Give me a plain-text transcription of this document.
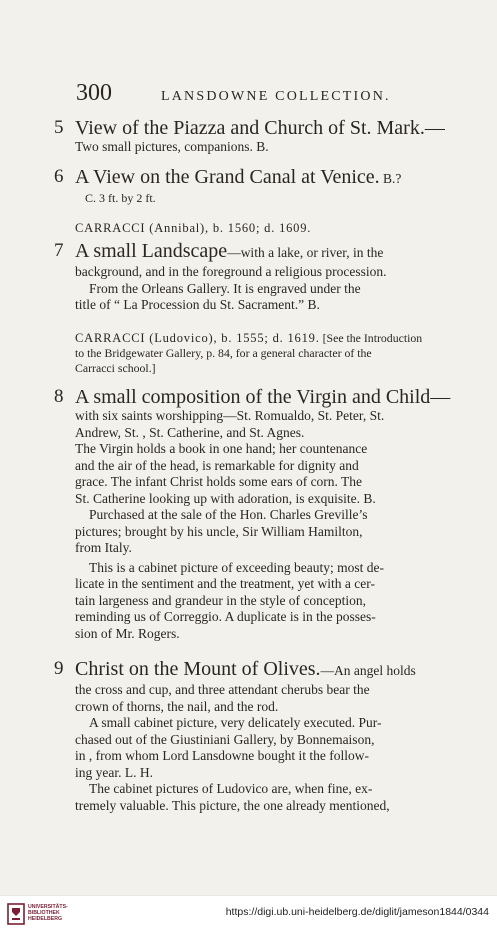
300	LANSDOWNE COLLECTION.
5 View of the Piazza and Church of St. Mark.—
Two small pictures, companions. B.
6 A View on the Grand Canal at Venice. B.?
C. 3 ft. by 2 ft.
CARRACCI (Annibal), b. 1560; d. 1609.
7 A small Landscape—with a lake, or river, in the
background, and in the foreground a religious procession.
From the Orleans Gallery. It is engraved under the
title of “ La Procession du St. Sacrament.” B.
CARRACCI (Ludovico), b. 1555; d. 1619. [See the Introduction
to the Bridgewater Gallery, p. 84, for a general character of the
Carracci school.]
8 A small composition of the Virgin and Child—
with six saints worshipping—St. Romualdo, St. Peter, St.
Andrew, St. , St. Catherine, and St. Agnes.
The Virgin holds a book in one hand; her countenance
and the air of the head, is remarkable for dignity and
grace. The infant Christ holds some ears of corn. The
St. Catherine looking up with adoration, is exquisite. B.
Purchased at the sale of the Hon. Charles Greville’s
pictures; brought by his uncle, Sir William Hamilton,
from Italy.
This is a cabinet picture of exceeding beauty; most de-
licate in the sentiment and the treatment, yet with a cer-
tain largeness and grandeur in the style of conception,
reminding us of Correggio. A duplicate is in the posses-
sion of Mr. Rogers.
9 Christ on the Mount of Olives.—An angel holds
the cross and cup, and three attendant cherubs bear the
crown of thorns, the nail, and the rod.
A small cabinet picture, very delicately executed. Pur-
chased out of the Giustiniani Gallery, by Bonnemaison,
in , from whom Lord Lansdowne bought it the follow-
ing year. L. H.
The cabinet pictures of Ludovico are, when fine, ex-
tremely valuable. This picture, the one already mentioned,
UNIVERSITÄTS-
BIBLIOTHEK
HEIDELBERG
https://digi.ub.uni-heidelberg.de/diglit/jameson1844/0344
